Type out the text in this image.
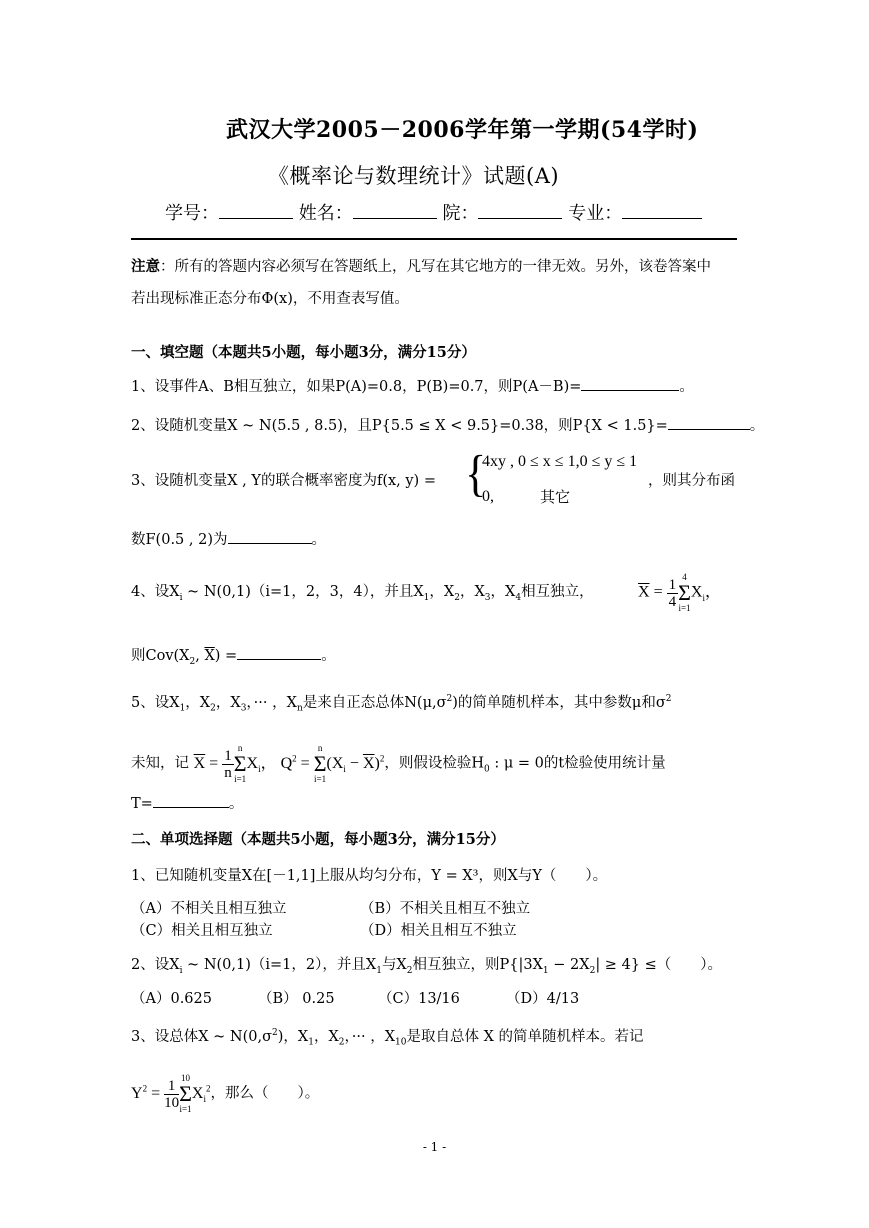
武汉大学2005－2006学年第一学期(54学时)
《概率论与数理统计》试题(A)
学号：	姓名：	院：	专业：
注意：所有的答题内容必须写在答题纸上，凡写在其它地方的一律无效。另外，该卷答案中
若出现标准正态分布Φ(x)，不用查表写值。
一、填空题（本题共5小题，每小题3分，满分15分）
1、设事件A、B相互独立，如果P(A)=0.8，P(B)=0.7，则P(A－B)=	。
2、设随机变量X ~ N(5.5 , 8.5)，且P{5.5 ≤ X < 9.5}=0.38，则P{X < 1.5}=	。
3、设随机变量X , Y的联合概率密度为f(x, y) = {
4xy , 0 ≤ x ≤ 1,0 ≤ y ≤ 1
0,	其它
，则其分布函
数F(0.5 , 2)为	。
4、设$X_i$ ~ N(0,1)（i=1，2，3，4），并且$X_1$，$X_2$，$X_3$，$X_4$相互独立，	$\overline{X} = \frac{1}{4} 4$
Σ
i=1
$X_i$，
则$Cov(X_2$, $\overline{X}$) =	。
5、设$X_1$，$X_2$，$X_3$，··· ，$X_n$是来自正态总体$N(\mu,\sigma^2)$的简单随机样本，其中参数μ和$\sigma^2$
未知，记 $\overline{X} = \frac{1}{n}$ n
Σ
i=1
$X_i$， $Q^2$ =
n
Σ
i=1
$(X_i - \overline{X})^2$，则假设检验$H_0$ : μ = 0的t检验使用统计量
T=	。
二、单项选择题（本题共5小题，每小题3分，满分15分）
1、已知随机变量X在[－1,1]上服从均匀分布，Y = X³，则X与Y（　　）。
（A）不相关且相互独立	（B）不相关且相互不独立
（C）相关且相互独立	（D）相关且相互不独立
2、设$X_i$ ~ N(0,1)（i=1，2），并且$X_1$与$X_2$相互独立，则$P\{|3X_1 - 2X_2| \ge 4\}$ ≤（　　）。
（A）0.625	（B） 0.25	（C）13/16	（D）4/13
3、设总体X ~ $N(0,\sigma^2)$，$X_1$，$X_2$，··· ，$X_{10}$是取自总体 X 的简单随机样本。若记
$Y^2 = \frac{1}{10} 10$
Σ
i=1
$X_i^2$，那么（　　）。
- 1 -
